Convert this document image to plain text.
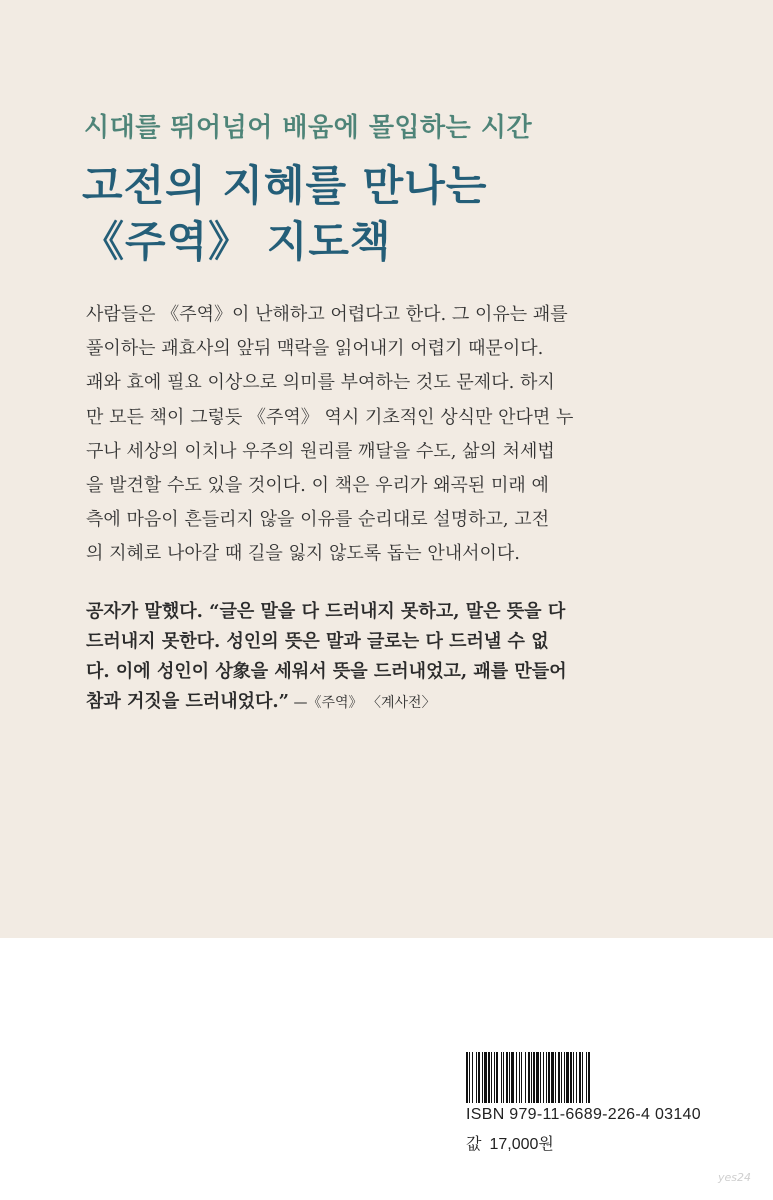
시대를 뛰어넘어 배움에 몰입하는 시간
고전의 지혜를 만나는
《주역》 지도책
사람들은 《주역》이 난해하고 어렵다고 한다. 그 이유는 괘를
풀이하는 괘효사의 앞뒤 맥락을 읽어내기 어렵기 때문이다.
괘와 효에 필요 이상으로 의미를 부여하는 것도 문제다. 하지
만 모든 책이 그렇듯 《주역》 역시 기초적인 상식만 안다면 누
구나 세상의 이치나 우주의 원리를 깨달을 수도, 삶의 처세법
을 발견할 수도 있을 것이다. 이 책은 우리가 왜곡된 미래 예
측에 마음이 흔들리지 않을 이유를 순리대로 설명하고, 고전
의 지혜로 나아갈 때 길을 잃지 않도록 돕는 안내서이다.
공자가 말했다. “글은 말을 다 드러내지 못하고, 말은 뜻을 다
드러내지 못한다. 성인의 뜻은 말과 글로는 다 드러낼 수 없
다. 이에 성인이 상象을 세워서 뜻을 드러내었고, 괘를 만들어
참과 거짓을 드러내었다.” —《주역》 〈계사전〉
ISBN 979-11-6689-226-4 03140
값 17,000원
yes24
